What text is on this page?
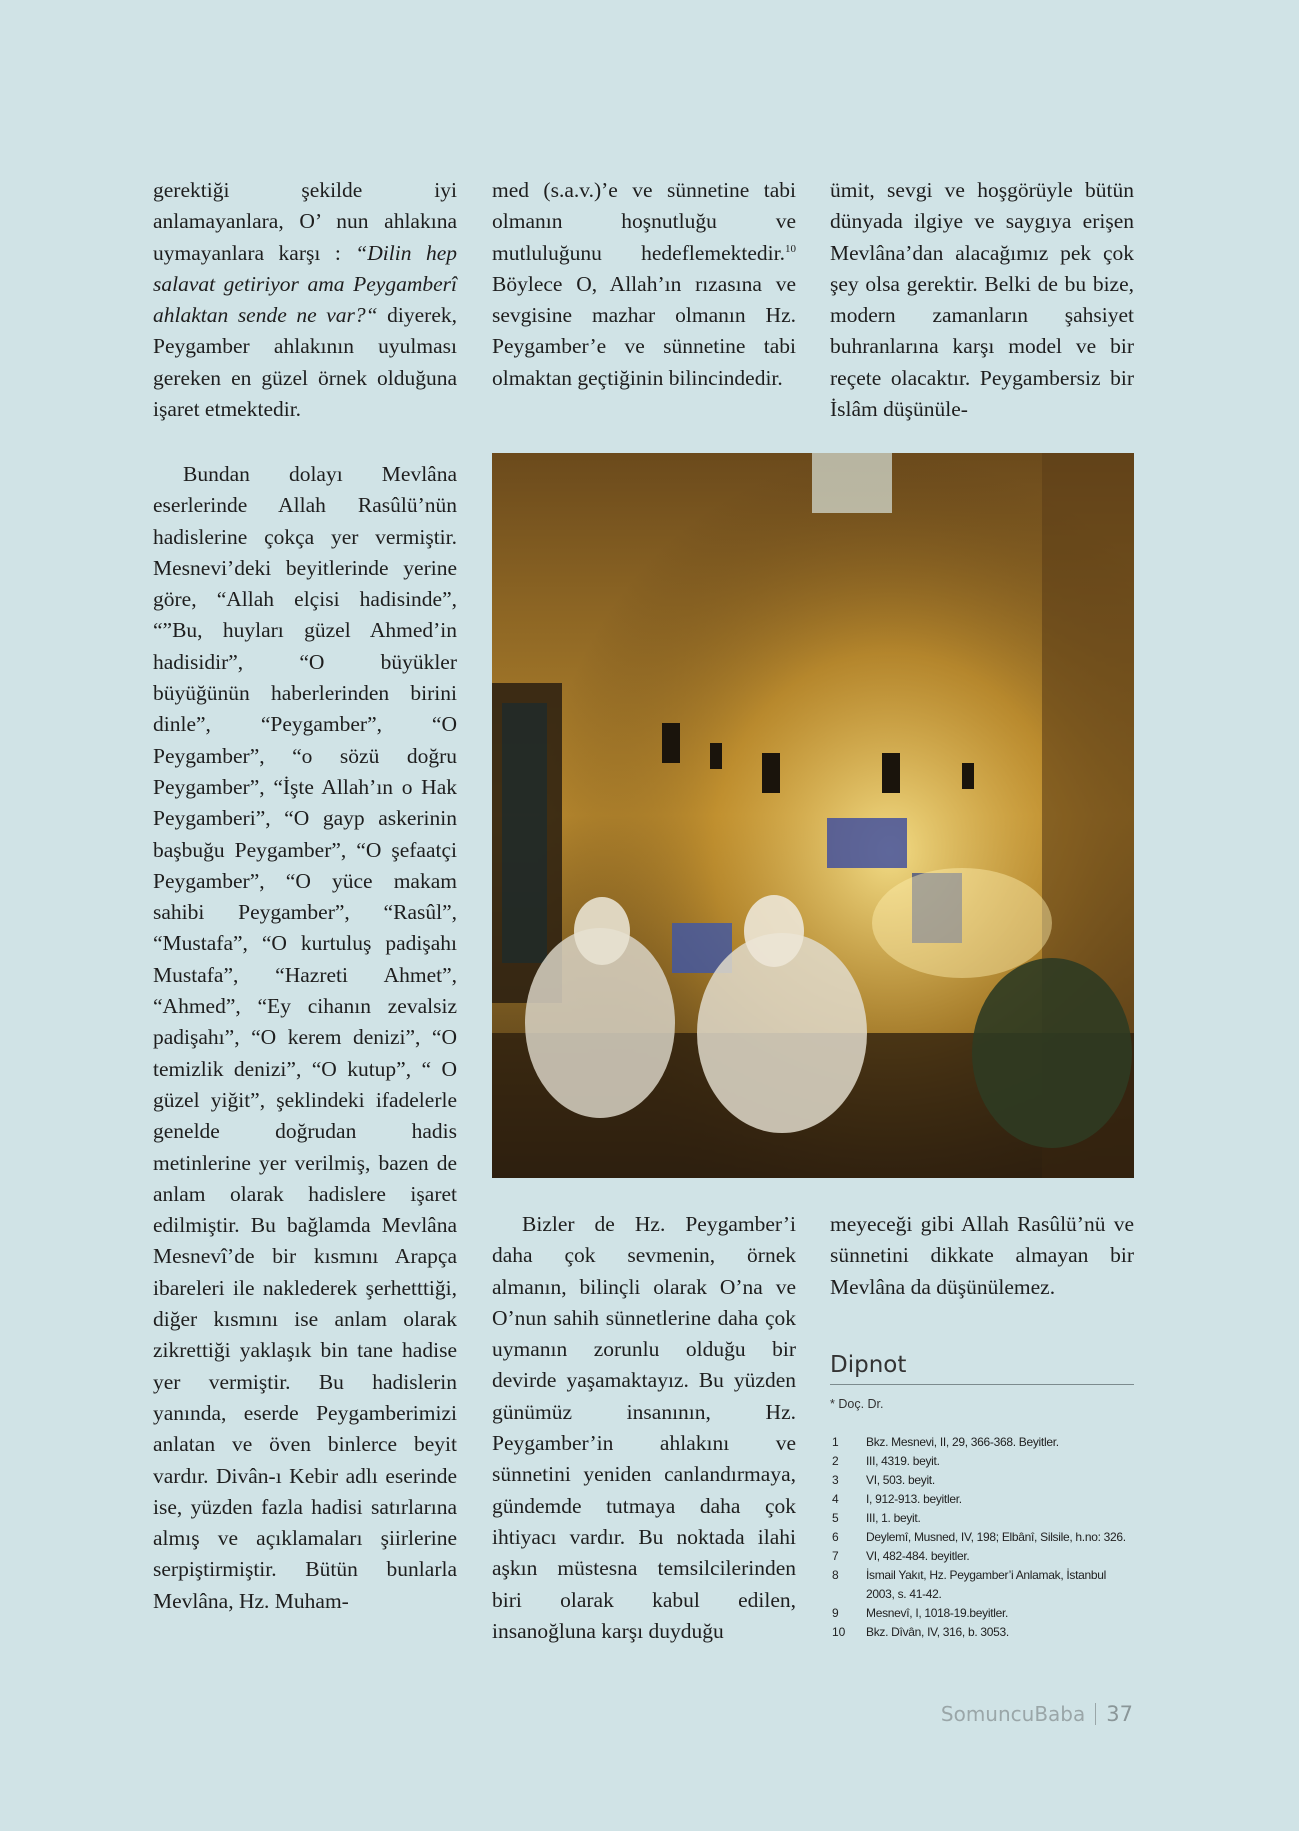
gerektiği şekilde iyi anlamayanlara, O’ nun ahlakına uymayanlara karşı : “Dilin hep salavat getiriyor ama Peygamberî ahlaktan sende ne var?“ diyerek, Peygamber ahlakının uyulması gereken en güzel örnek olduğuna işaret etmektedir.

med (s.a.v.)’e ve sünnetine tabi olmanın hoşnutluğu ve mutluluğunu hedeflemektedir.$^{10}$ Böylece O, Allah’ın rızasına ve sevgisine mazhar olmanın Hz. Peygamber’e ve sünnetine tabi olmaktan geçtiğinin bilincindedir.

ümit, sevgi ve hoşgörüyle bütün dünyada ilgiye ve saygıya erişen Mevlâna’dan alacağımız pek çok şey olsa gerektir. Belki de bu bize, modern zamanların şahsiyet buhranlarına karşı model ve bir reçete olacaktır. Peygambersiz bir İslâm düşünüle-

Bundan dolayı Mevlâna eserlerinde Allah Rasûlü’nün hadislerine çokça yer vermiştir. Mesnevi’deki beyitlerinde yerine göre, “Allah elçisi hadisinde”, “”Bu, huyları güzel Ahmed’in hadisidir”, “O büyükler büyüğünün haberlerinden birini dinle”, “Peygamber”, “O Peygamber”, “o sözü doğru Peygamber”, “İşte Allah’ın o Hak Peygamberi”, “O gayp askerinin başbuğu Peygamber”, “O şefaatçi Peygamber”, “O yüce makam sahibi Peygamber”, “Rasûl”, “Mustafa”, “O kurtuluş padişahı Mustafa”, “Hazreti Ahmet”, “Ahmed”, “Ey cihanın zevalsiz padişahı”, “O kerem denizi”, “O temizlik denizi”, “O kutup”, “ O güzel yiğit”, şeklindeki ifadelerle genelde doğrudan hadis metinlerine yer verilmiş, bazen de anlam olarak hadislere işaret edilmiştir. Bu bağlamda Mevlâna Mesnevî’de bir kısmını Arapça ibareleri ile naklederek şerhetttiği, diğer kısmını ise anlam olarak zikrettiği yaklaşık bin tane hadise yer vermiştir. Bu hadislerin yanında, eserde Peygamberimizi anlatan ve öven binlerce beyit vardır. Divân-ı Kebir adlı eserinde ise, yüzden fazla hadisi satırlarına almış ve açıklamaları şiirlerine serpiştirmiştir. Bütün bunlarla Mevlâna, Hz. Muham-

Bizler de Hz. Peygamber’i daha çok sevmenin, örnek almanın, bilinçli olarak O’na ve O’nun sahih sünnetlerine daha çok uymanın zorunlu olduğu bir devirde yaşamaktayız. Bu yüzden günümüz insanının, Hz. Peygamber’in ahlakını ve sünnetini yeniden canlandırmaya, gündemde tutmaya daha çok ihtiyacı vardır. Bu noktada ilahi aşkın müstesna temsilcilerinden biri olarak kabul edilen, insanoğluna karşı duyduğu

meyeceği gibi Allah Rasûlü’nü ve sünnetini dikkate almayan bir Mevlâna da düşünülemez.

Dipnot
* Doç. Dr.
1	Bkz. Mesnevi, II, 29, 366-368. Beyitler.
2	III, 4319. beyit.
3	VI, 503. beyit.
4	I, 912-913. beyitler.
5	III, 1. beyit.
6	Deylemî, Musned, IV, 198; Elbânî, Silsile, h.no: 326.
7	VI, 482-484. beyitler.
8	İsmail Yakıt, Hz. Peygamber’i Anlamak, İstanbul 2003, s. 41-42.
9	Mesnevî, I, 1018-19.beyitler.
10	Bkz. Dîvân, IV, 316, b. 3053.
Somuncu Baba 37
